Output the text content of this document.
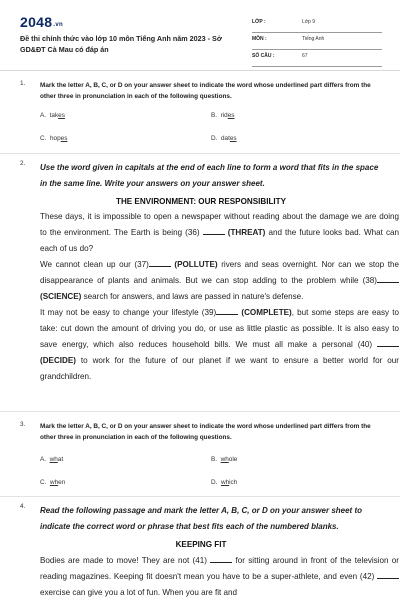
2048.vn
Đề thi chính thức vào lớp 10 môn Tiếng Anh năm 2023 - Sở GD&ĐT Cà Mau có đáp án
LỚP :	Lớp 9
MÔN :	Tiếng Anh
SỐ CÂU :	67
1. Mark the letter A, B, C, or D on your answer sheet to indicate the word whose underlined part differs from the other three in pronunciation in each of the following questions.
A. takes	B. rides
C. hopes	D. dates
2. Use the word given in capitals at the end of each line to form a word that fits in the space in the same line. Write your answers on your answer sheet.
THE ENVIRONMENT: OUR RESPONSIBILITY

These days, it is impossible to open a newspaper without reading about the damage we are doing to the environment. The Earth is being (36)	(THREAT) and the future looks bad. What can each of us do?

We cannot clean up our (37)	(POLLUTE) rivers and seas overnight. Nor can we stop the disappearance of plants and animals. But we can stop adding to the problem while (38) (SCIENCE) search for answers, and laws are passed in nature's defense.

It may not be easy to change your lifestyle (39)	(COMPLETE), but some steps are easy to take: cut down the amount of driving you do, or use as little plastic as possible. It is also easy to save energy, which also reduces household bills. We must all make a personal (40)  (DECIDE) to work for the future of our planet if we want to ensure a better world for our grandchildren.

3. Mark the letter A, B, C, or D on your answer sheet to indicate the word whose underlined part differs from the other three in pronunciation in each of the following questions.
A. what	B. whole
C. when	D. which
4. Read the following passage and mark the letter A, B, C, or D on your answer sheet to indicate the correct word or phrase that best fits each of the numbered blanks.
KEEPING FIT

Bodies are made to move! They are not (41)	for sitting around in front of the television or reading magazines. Keeping fit doesn't mean you have to be a super-athlete, and even (42)  exercise can give you a lot of fun. When you are fit and
